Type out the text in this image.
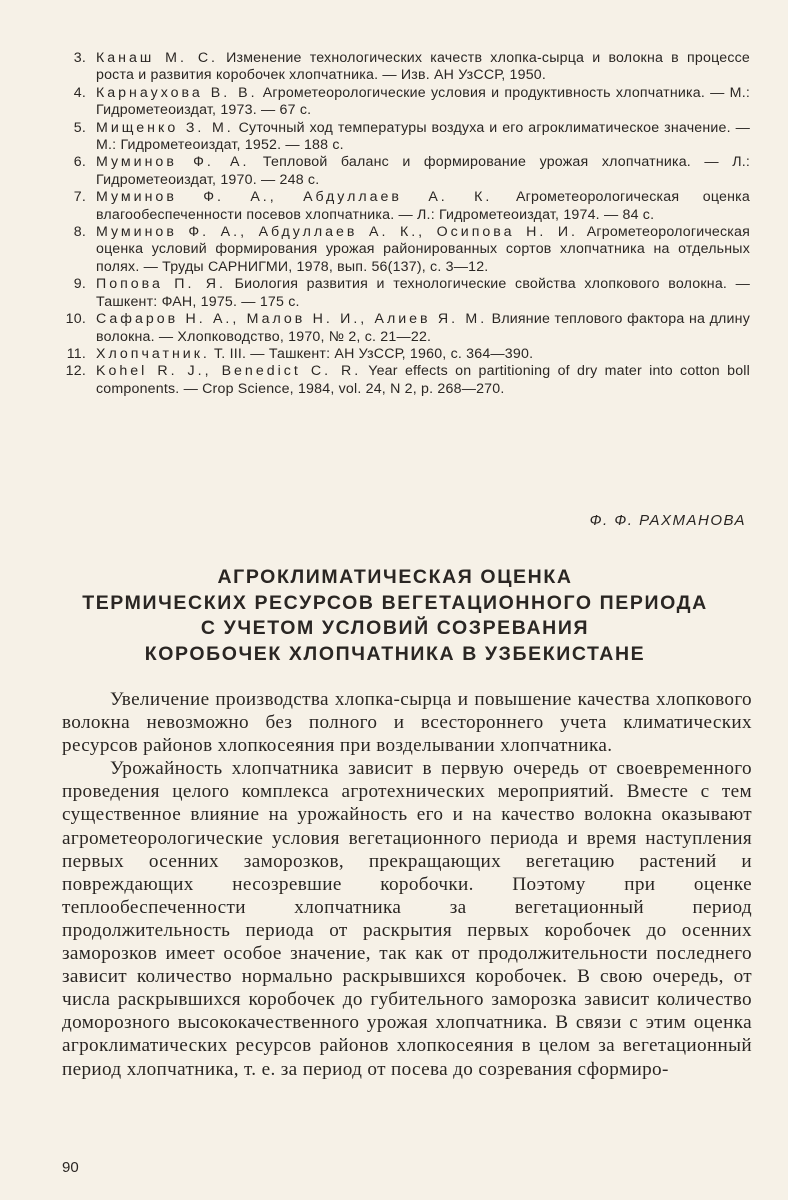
3. Канаш М. С. Изменение технологических качеств хлопка-сырца и волокна в процессе роста и развития коробочек хлопчатника. — Изв. АН УзССР, 1950.
4. Карнаухова В. В. Агрометеорологические условия и продуктивность хлопчатника. — М.: Гидрометеоиздат, 1973. — 67 с.
5. Мищенко З. М. Суточный ход температуры воздуха и его агроклиматическое значение. — М.: Гидрометеоиздат, 1952. — 188 с.
6. Муминов Ф. А. Тепловой баланс и формирование урожая хлопчатника. — Л.: Гидрометеоиздат, 1970. — 248 с.
7. Муминов Ф. А., Абдуллаев А. К. Агрометеорологическая оценка влагообеспеченности посевов хлопчатника. — Л.: Гидрометеоиздат, 1974. — 84 с.
8. Муминов Ф. А., Абдуллаев А. К., Осипова Н. И. Агрометеорологическая оценка условий формирования урожая районированных сортов хлопчатника на отдельных полях. — Труды САРНИГМИ, 1978, вып. 56(137), с. 3—12.
9. Попова П. Я. Биология развития и технологические свойства хлопкового волокна. — Ташкент: ФАН, 1975. — 175 с.
10. Сафаров Н. А., Малов Н. И., Алиев Я. М. Влияние теплового фактора на длину волокна. — Хлопководство, 1970, № 2, с. 21—22.
11. Хлопчатник. Т. III. — Ташкент: АН УзССР, 1960, с. 364—390.
12. Kohel R. J., Benedict C. R. Year effects on partitioning of dry mater into cotton boll components. — Crop Science, 1984, vol. 24, N 2, p. 268—270.
Ф. Ф. РАХМАНОВА
АГРОКЛИМАТИЧЕСКАЯ ОЦЕНКА
ТЕРМИЧЕСКИХ РЕСУРСОВ ВЕГЕТАЦИОННОГО ПЕРИОДА
С УЧЕТОМ УСЛОВИЙ СОЗРЕВАНИЯ
КОРОБОЧЕК ХЛОПЧАТНИКА В УЗБЕКИСТАНЕ

Увеличение производства хлопка-сырца и повышение качества хлопкового волокна невозможно без полного и всестороннего учета климатических ресурсов районов хлопкосеяния при возделывании хлопчатника.

Урожайность хлопчатника зависит в первую очередь от своевременного проведения целого комплекса агротехнических мероприятий. Вместе с тем существенное влияние на урожайность его и на качество волокна оказывают агрометеорологические условия вегетационного периода и время наступления первых осенних заморозков, прекращающих вегетацию растений и повреждающих несозревшие коробочки. Поэтому при оценке теплообеспеченности хлопчатника за вегетационный период продолжительность периода от раскрытия первых коробочек до осенних заморозков имеет особое значение, так как от продолжительности последнего зависит количество нормально раскрывшихся коробочек. В свою очередь, от числа раскрывшихся коробочек до губительного заморозка зависит количество доморозного высококачественного урожая хлопчатника. В связи с этим оценка агроклиматических ресурсов районов хлопкосеяния в целом за вегетационный период хлопчатника, т. е. за период от посева до созревания сформиро-

90
